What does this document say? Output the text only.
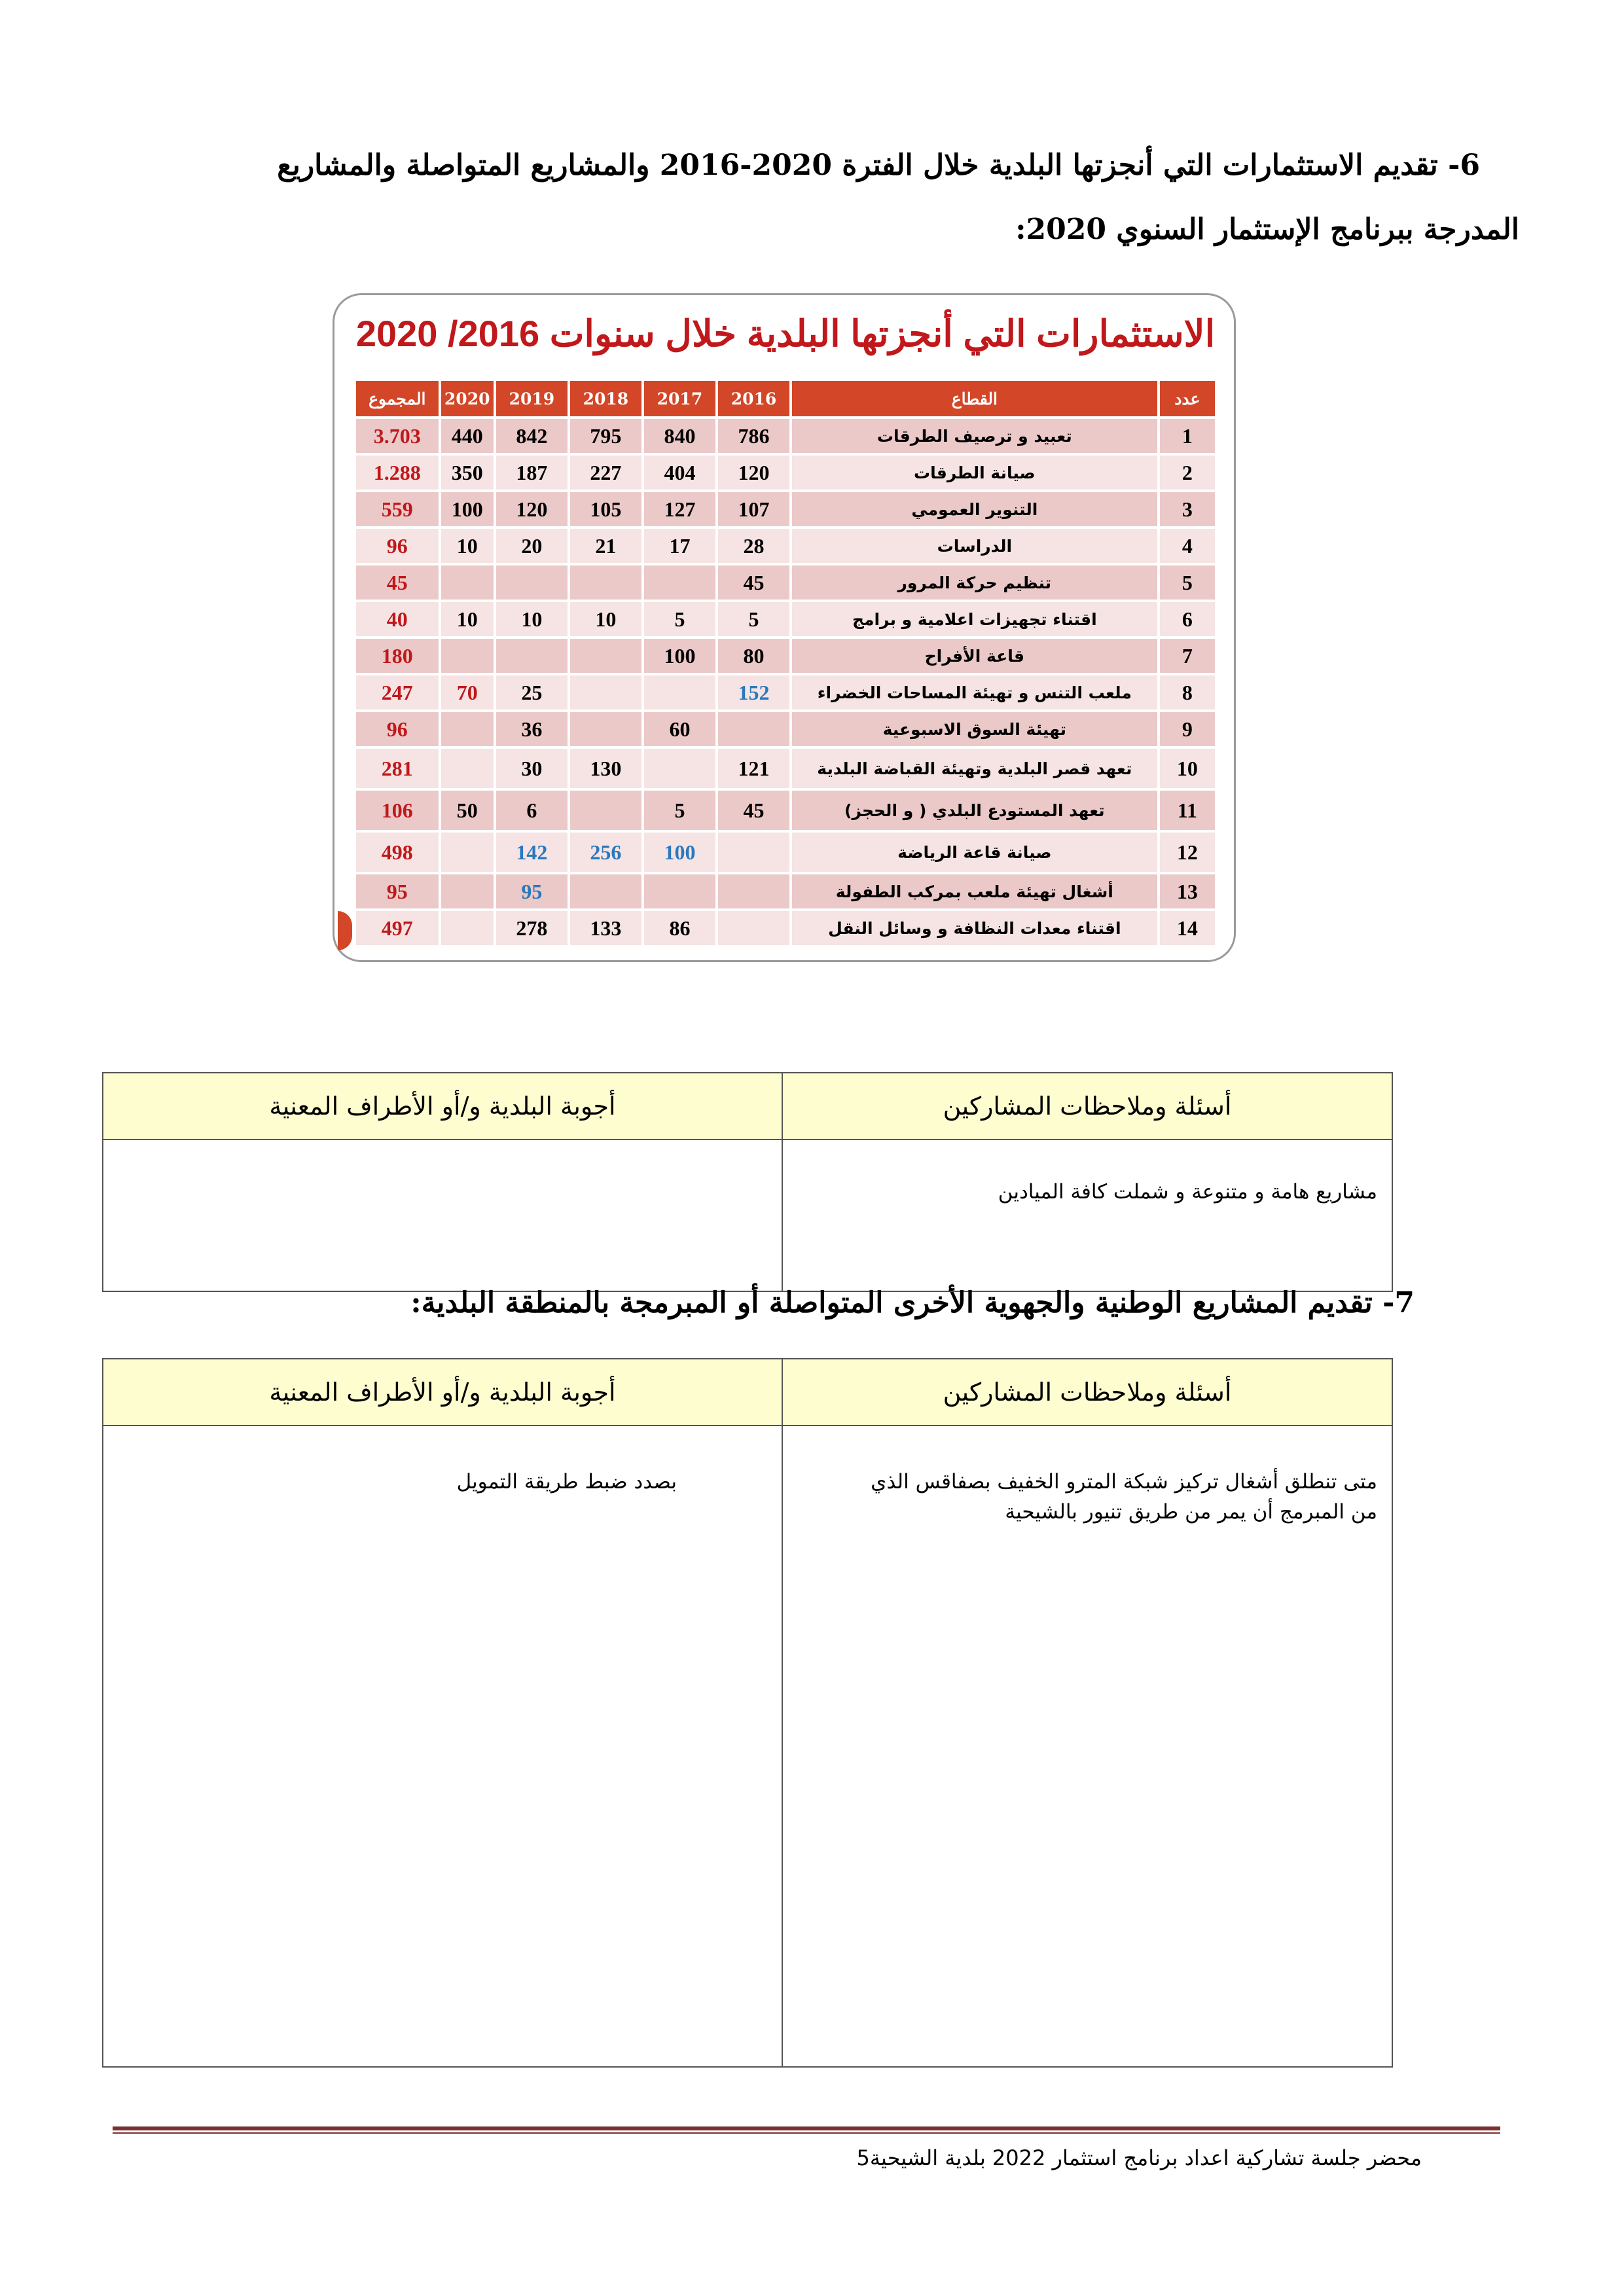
6- تقديم الاستثمارات التي أنجزتها البلدية خلال الفترة 2020-2016 والمشاريع المتواصلة والمشاريع
المدرجة ببرنامج الإستثمار السنوي 2020:
الاستثمارات التي أنجزتها البلدية خلال سنوات 2016/ 2020
عدد	القطاع	2016	2017	2018	2019	2020	المجموع
1	تعبيد و ترصيف الطرقات	786	840	795	842	440	3.703
2	صيانة الطرقات	120	404	227	187	350	1.288
3	التنوير العمومي	107	127	105	120	100	559
4	الدراسات	28	17	21	20	10	96
5	تنظيم حركة المرور	45					45
6	اقتناء تجهيزات اعلامية و برامج	5	5	10	10	10	40
7	قاعة الأفراح	80	100				180
8	ملعب التنس و تهيئة المساحات الخضراء	152			25	70	247
9	تهيئة السوق الاسبوعية		60		36		96
10	تعهد قصر البلدية وتهيئة القباضة البلدية	121		130	30		281
11	تعهد المستودع البلدي ( و الحجز)	45	5		6	50	106
12	صيانة قاعة الرياضة		100	256	142		498
13	أشغال تهيئة ملعب بمركب الطفولة				95		95
14	اقتناء معدات النظافة و وسائل النقل		86	133	278		497
أسئلة وملاحظات المشاركين	أجوبة البلدية و/أو الأطراف المعنية
مشاريع هامة و متنوعة و شملت كافة الميادين	
7- تقديم المشاريع الوطنية والجهوية الأخرى المتواصلة أو المبرمجة بالمنطقة البلدية:
أسئلة وملاحظات المشاركين	أجوبة البلدية و/أو الأطراف المعنية

متى تنطلق أشغال تركيز شبكة المترو الخفيف بصفاقس الذي
من المبرمج أن يمر من طريق تنيور بالشيحية	بصدد ضبط طريقة التمويل
محضر جلسة تشاركية اعداد برنامج استثمار 2022 بلدية الشيحية5
